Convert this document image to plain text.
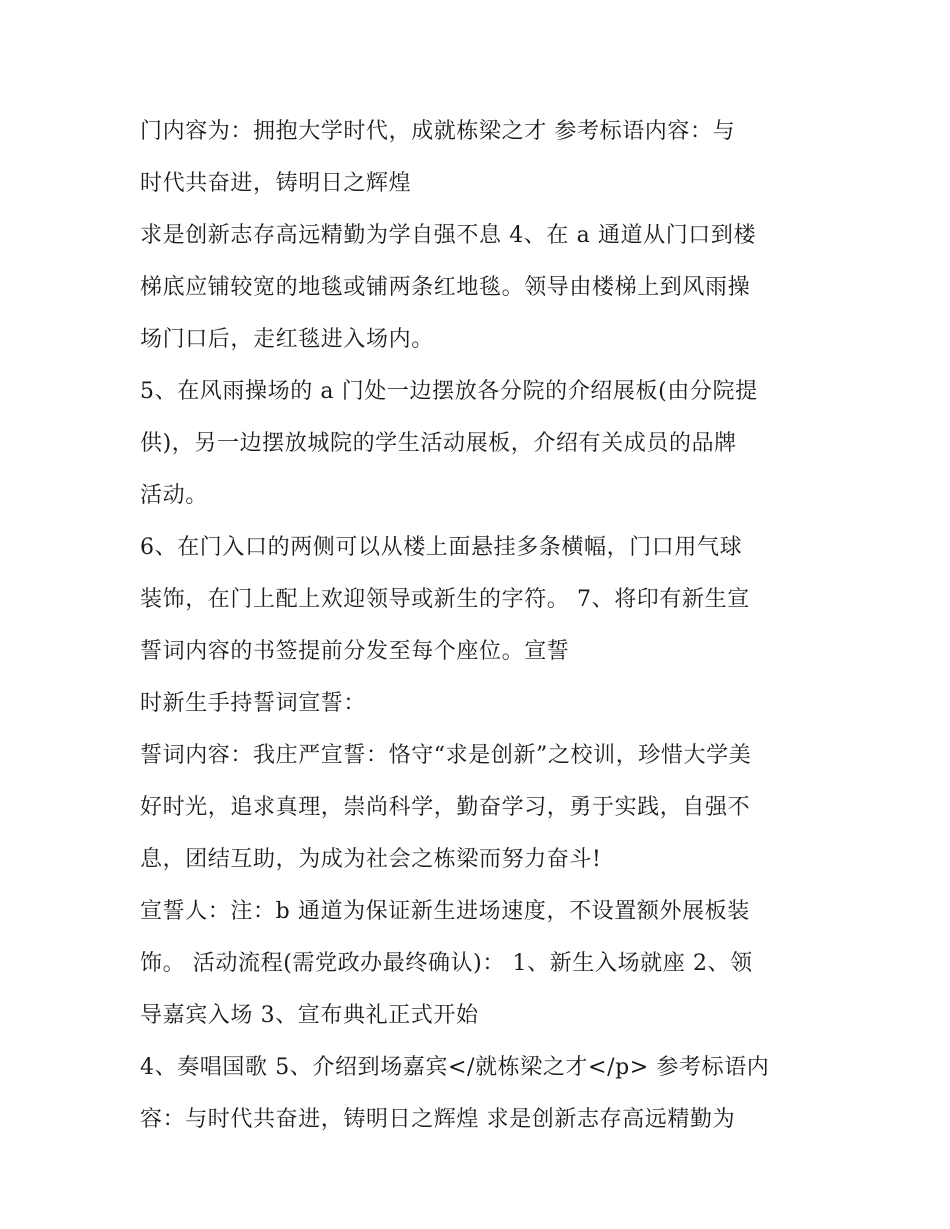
门内容为：拥抱大学时代，成就栋梁之才 参考标语内容：与
时代共奋进，铸明日之辉煌

求是创新志存高远精勤为学自强不息 4、在 a 通道从门口到楼
梯底应铺较宽的地毯或铺两条红地毯。领导由楼梯上到风雨操
场门口后，走红毯进入场内。

5、在风雨操场的 a 门处一边摆放各分院的介绍展板(由分院提
供)，另一边摆放城院的学生活动展板，介绍有关成员的品牌
活动。

6、在门入口的两侧可以从楼上面悬挂多条横幅，门口用气球
装饰，在门上配上欢迎领导或新生的字符。 7、将印有新生宣
誓词内容的书签提前分发至每个座位。宣誓

时新生手持誓词宣誓：

誓词内容：我庄严宣誓：恪守“求是创新”之校训，珍惜大学美
好时光，追求真理，崇尚科学，勤奋学习，勇于实践，自强不
息，团结互助，为成为社会之栋梁而努力奋斗!

宣誓人：注：b 通道为保证新生进场速度，不设置额外展板装
饰。 活动流程(需党政办最终确认)： 1、新生入场就座 2、领
导嘉宾入场 3、宣布典礼正式开始

4、奏唱国歌 5、介绍到场嘉宾</就栋梁之才</p> 参考标语内
容：与时代共奋进，铸明日之辉煌 求是创新志存高远精勤为
